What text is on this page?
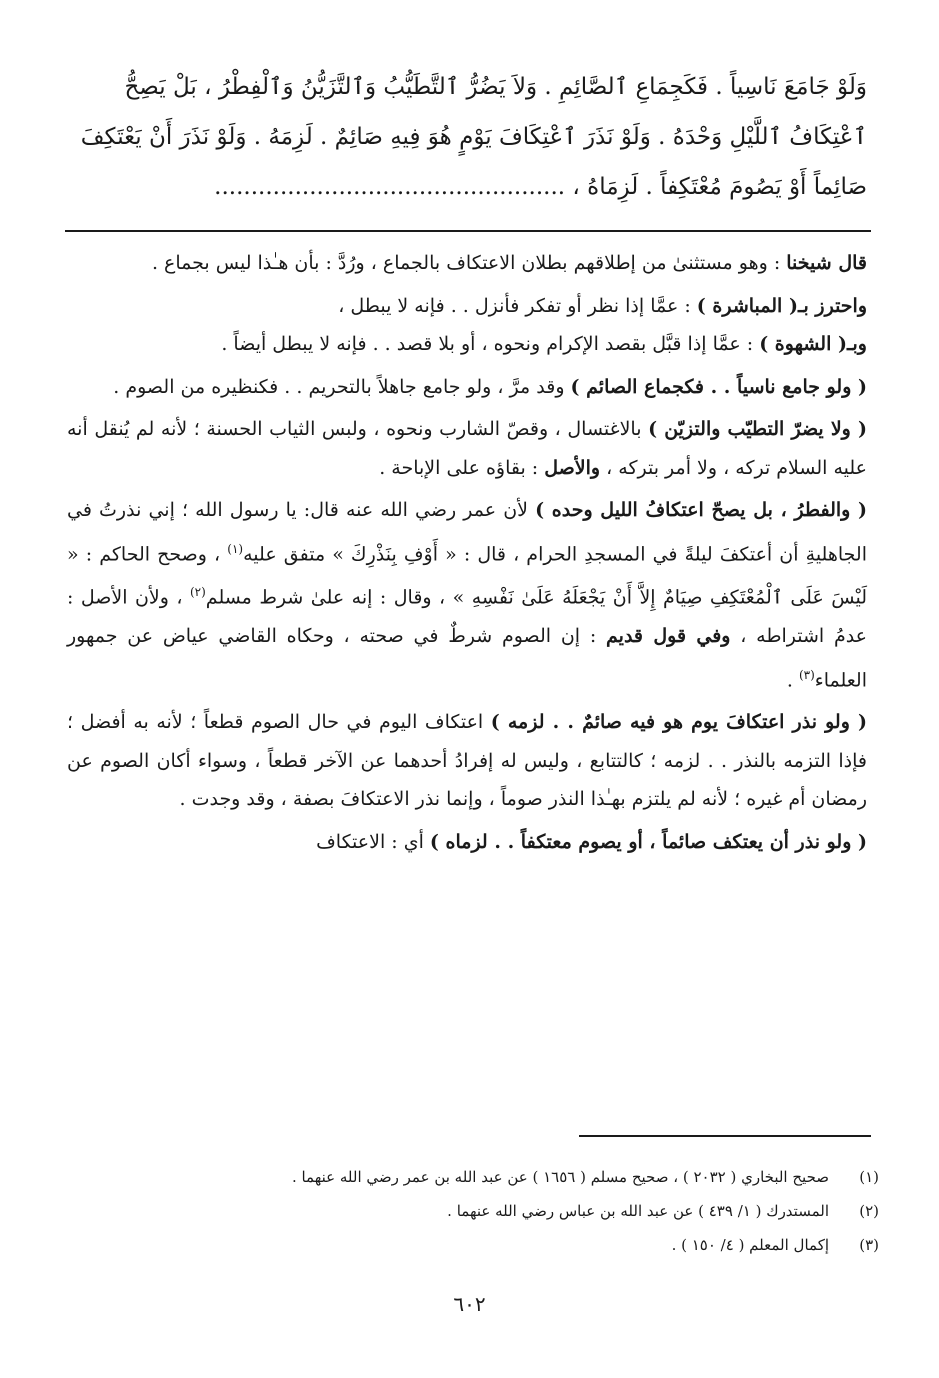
وَلَوْ جَامَعَ نَاسِياً . فَكَجِمَاعِ ٱلصَّائِمِ . وَلاَ يَضُرُّ ٱلتَّطَيُّبُ وَٱلتَّزَيُّنُ وَٱلْفِطْرُ ، بَلْ يَصِحُّ
ٱعْتِكَافُ ٱللَّيْلِ وَحْدَهُ . وَلَوْ نَذَرَ ٱعْتِكَافَ يَوْمٍ هُوَ فِيهِ صَائِمٌ . لَزِمَهُ . وَلَوْ نَذَرَ أَنْ يَعْتَكِفَ
صَائِماً أَوْ يَصُومَ مُعْتَكِفاً . لَزِمَاهُ ، ................................................

قال شيخنا : وهو مستثنىٰ من إطلاقهم بطلان الاعتكاف بالجماع ، ورُدَّ : بأن هـٰذا ليس بجماع .

واحترز بـ( المباشرة ) : عمَّا إذا نظر أو تفكر فأنزل . . فإنه لا يبطل ،
وبـ( الشهوة ) : عمَّا إذا قبَّل بقصد الإكرام ونحوه ، أو بلا قصد . . فإنه لا يبطل أيضاً .

( ولو جامع ناسياً . . فكجماع الصائم ) وقد مرَّ ، ولو جامع جاهلاً بالتحريم . . فكنظيره من الصوم .

( ولا يضرّ التطيّب والتزيّن ) بالاغتسال ، وقصّ الشارب ونحوه ، ولبس الثياب الحسنة ؛ لأنه لم يُنقل أنه عليه السلام تركه ، ولا أمر بتركه ، والأصل : بقاؤه على الإباحة .

( والفطرُ ، بل يصحّ اعتكافُ الليل وحده ) لأن عمر رضي الله عنه قال: يا رسول الله ؛ إني نذرتُ في الجاهليةِ أن أعتكفَ ليلةً في المسجدِ الحرام ، قال : « أَوْفِ بِنَذْرِكَ » متفق عليه$^{(١)}$ ، وصحح الحاكم : « لَيْسَ عَلَى ٱلْمُعْتَكِفِ صِيَامٌ إِلاَّ أَنْ يَجْعَلَهُ عَلَىٰ نَفْسِهِ » ، وقال : إنه علىٰ شرط مسلم$^{(٢)}$ ، ولأن الأصل : عدمُ اشتراطه ، وفي قول قديم : إن الصوم شرطٌ في صحته ، وحكاه القاضي عياض عن جمهور العلماء$^{(٣)}$ .

( ولو نذر اعتكافَ يوم هو فيه صائمٌ . . لزمه ) اعتكاف اليوم في حال الصوم قطعاً ؛ لأنه به أفضل ؛ فإذا التزمه بالنذر . . لزمه ؛ كالتتابع ، وليس له إفرادُ أحدهما عن الآخر قطعاً ، وسواء أكان الصوم عن رمضان أم غيره ؛ لأنه لم يلتزم بهـٰذا النذر صوماً ، وإنما نذر الاعتكافَ بصفة ، وقد وجدت .

( ولو نذر أن يعتكف صائماً ، أو يصوم معتكفاً . . لزماه ) أي : الاعتكاف

(١)
صحيح البخاري ( ٢٠٣٢ ) ، صحيح مسلم ( ١٦٥٦ ) عن عبد الله بن عمر رضي الله عنهما .
(٢)
المستدرك ( ١/ ٤٣٩ ) عن عبد الله بن عباس رضي الله عنهما .
(٣)
إكمال المعلم ( ٤/ ١٥٠ ) .
٦٠٢
